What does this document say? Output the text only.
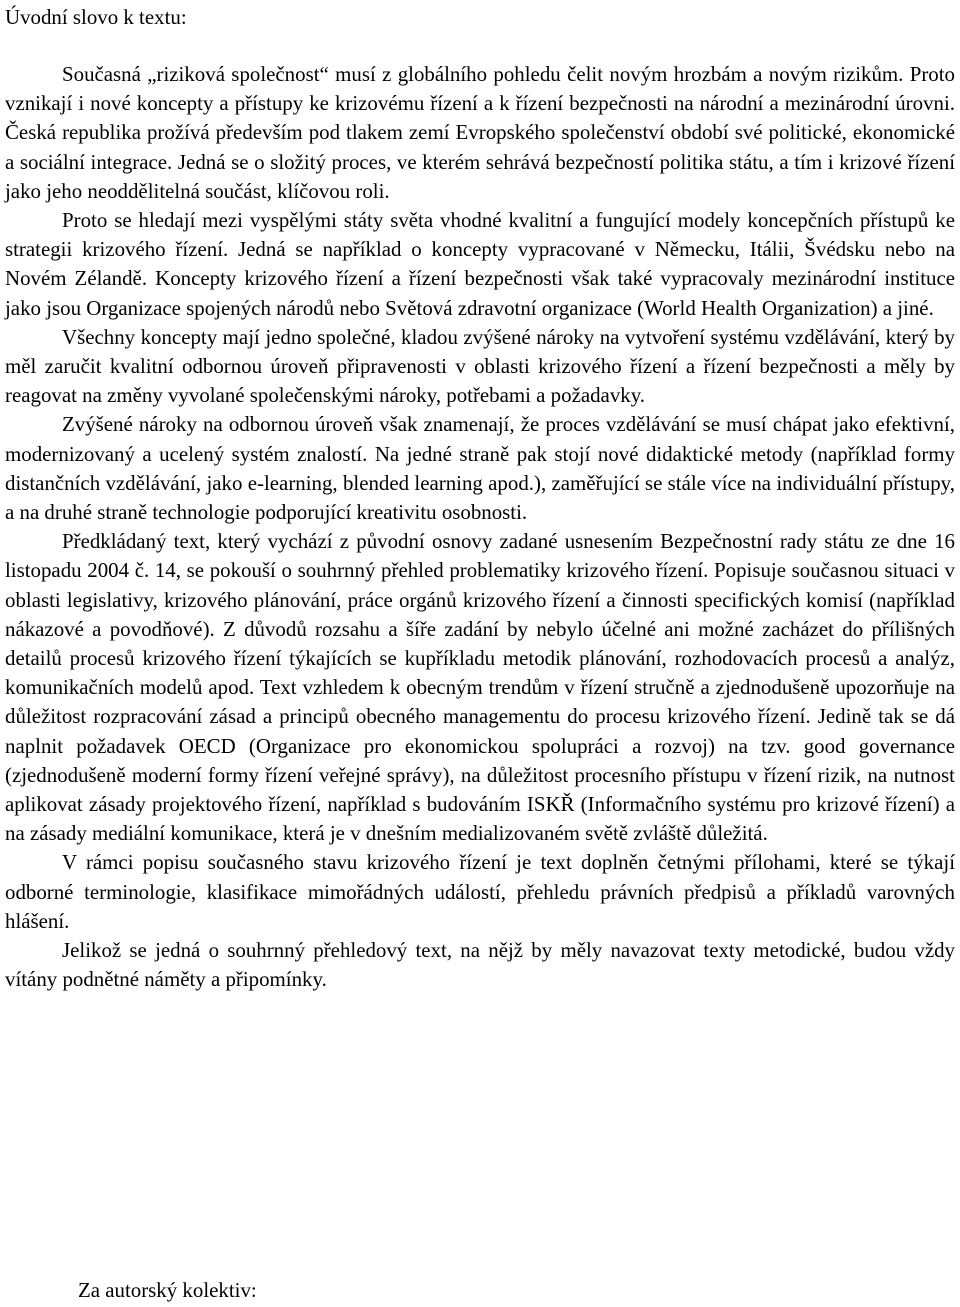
Úvodní slovo k textu:

Současná „riziková společnost“ musí z globálního pohledu čelit novým hrozbám a novým rizikům. Proto vznikají i nové koncepty a přístupy ke krizovému řízení a k řízení bezpečnosti na národní a mezinárodní úrovni. Česká republika prožívá především pod tlakem zemí Evropského společenství období své politické, ekonomické a sociální integrace. Jedná se o složitý proces, ve kterém sehrává bezpečností politika státu, a tím i krizové řízení jako jeho neoddělitelná součást, klíčovou roli.

Proto se hledají mezi vyspělými státy světa vhodné kvalitní a fungující modely koncepčních přístupů ke strategii krizového řízení. Jedná se například o koncepty vypracované v Německu, Itálii, Švédsku nebo na Novém Zélandě. Koncepty krizového řízení a řízení bezpečnosti však také vypracovaly mezinárodní instituce jako jsou Organizace spojených národů nebo Světová zdravotní organizace (World Health Organization) a jiné.

Všechny koncepty mají jedno společné, kladou zvýšené nároky na vytvoření systému vzdělávání, který by měl zaručit kvalitní odbornou úroveň připravenosti v oblasti krizového řízení a řízení bezpečnosti a měly by reagovat na změny vyvolané společenskými nároky, potřebami a požadavky.

Zvýšené nároky na odbornou úroveň však znamenají, že proces vzdělávání se musí chápat jako efektivní, modernizovaný a ucelený systém znalostí. Na jedné straně pak stojí nové didaktické metody (například formy distančních vzdělávání, jako e-learning, blended learning apod.), zaměřující se stále více na individuální přístupy, a na druhé straně technologie podporující kreativitu osobnosti.

Předkládaný text, který vychází z původní osnovy zadané usnesením Bezpečnostní rady státu ze dne 16 listopadu 2004 č. 14, se pokouší o souhrnný přehled problematiky krizového řízení. Popisuje současnou situaci v oblasti legislativy, krizového plánování, práce orgánů krizového řízení a činnosti specifických komisí (například nákazové a povodňové). Z důvodů rozsahu a šíře zadání by nebylo účelné ani možné zacházet do přílišných detailů procesů krizového řízení týkajících se kupříkladu metodik plánování, rozhodovacích procesů a analýz, komunikačních modelů apod. Text vzhledem k obecným trendům v řízení stručně a zjednodušeně upozorňuje na důležitost rozpracování zásad a principů obecného managementu do procesu krizového řízení. Jedině tak se dá naplnit požadavek OECD (Organizace pro ekonomickou spolupráci a rozvoj) na tzv. good governance (zjednodušeně moderní formy řízení veřejné správy), na důležitost procesního přístupu v řízení rizik, na nutnost aplikovat zásady projektového řízení, například s budováním ISKŘ (Informačního systému pro krizové řízení) a na zásady mediální komunikace, která je v dnešním medializovaném světě zvláště důležitá.

V rámci popisu současného stavu krizového řízení je text doplněn četnými přílohami, které se týkají odborné terminologie, klasifikace mimořádných událostí, přehledu právních předpisů a příkladů varovných hlášení.

Jelikož se jedná o souhrnný přehledový text, na nějž by měly navazovat texty metodické, budou vždy vítány podnětné náměty a připomínky.

Za autorský kolektiv:
